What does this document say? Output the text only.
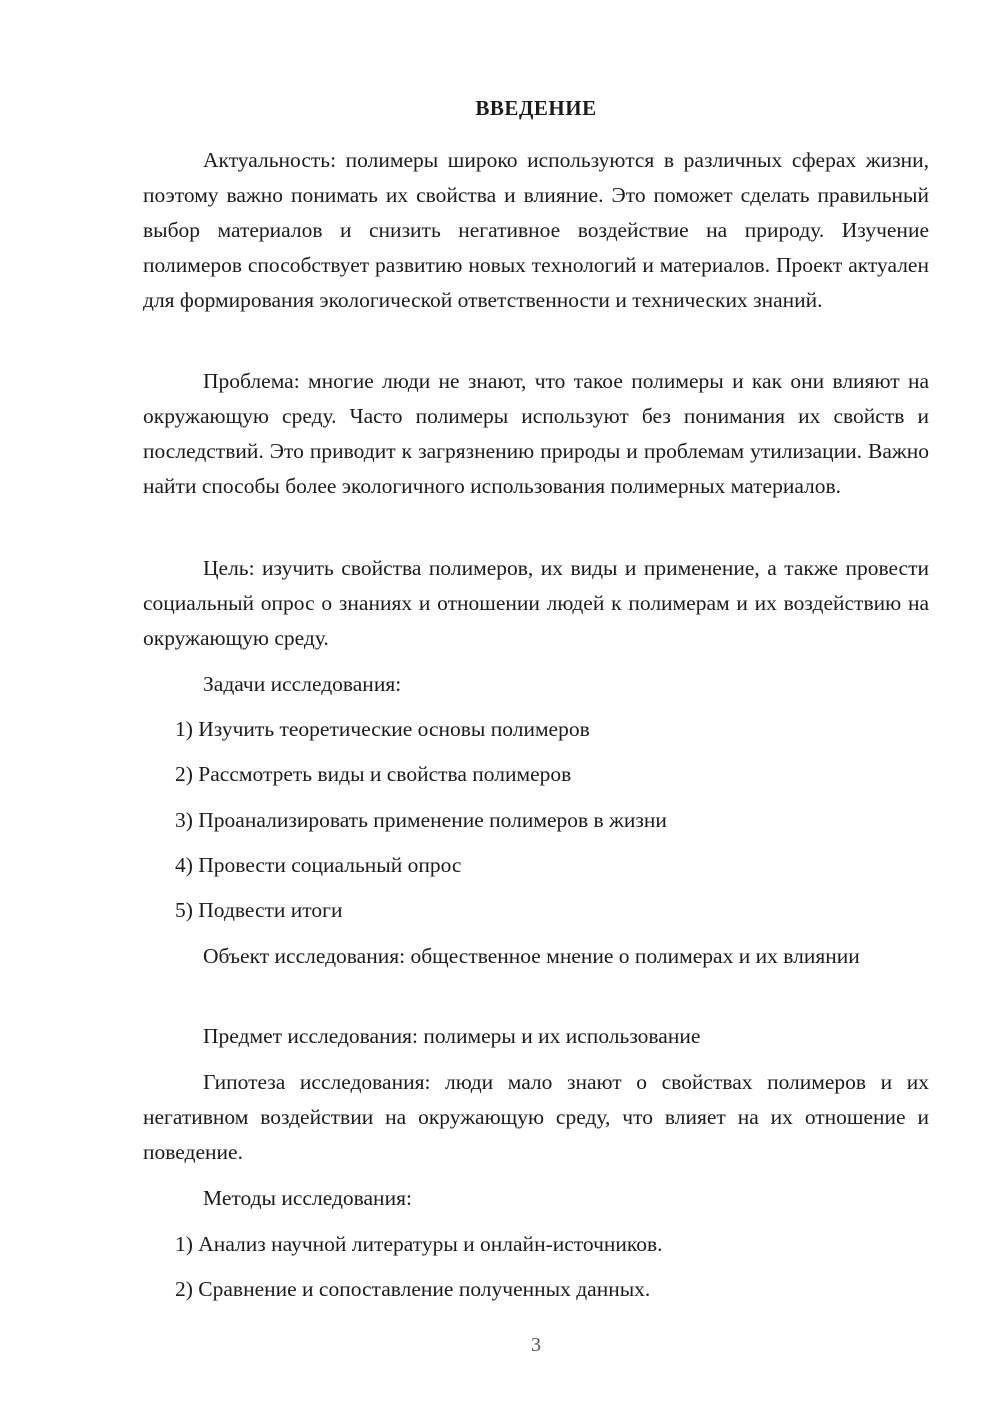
ВВЕДЕНИЕ

Актуальность: полимеры широко используются в различных сферах жизни, поэтому важно понимать их свойства и влияние. Это поможет сделать правильный выбор материалов и снизить негативное воздействие на природу. Изучение полимеров способствует развитию новых технологий и материалов. Проект актуален для формирования экологической ответственности и технических знаний.

Проблема: многие люди не знают, что такое полимеры и как они влияют на окружающую среду. Часто полимеры используют без понимания их свойств и последствий. Это приводит к загрязнению природы и проблемам утилизации. Важно найти способы более экологичного использования полимерных материалов.

Цель: изучить свойства полимеров, их виды и применение, а также провести социальный опрос о знаниях и отношении людей к полимерам и их воздействию на окружающую среду.

Задачи исследования:

1) Изучить теоретические основы полимеров

2) Рассмотреть виды и свойства полимеров

3) Проанализировать применение полимеров в жизни

4) Провести социальный опрос

5) Подвести итоги

Объект исследования: общественное мнение о полимерах и их влиянии

Предмет исследования: полимеры и их использование

Гипотеза исследования: люди мало знают о свойствах полимеров и их негативном воздействии на окружающую среду, что влияет на их отношение и поведение.

Методы исследования:

1) Анализ научной литературы и онлайн-источников.

2) Сравнение и сопоставление полученных данных.

3
